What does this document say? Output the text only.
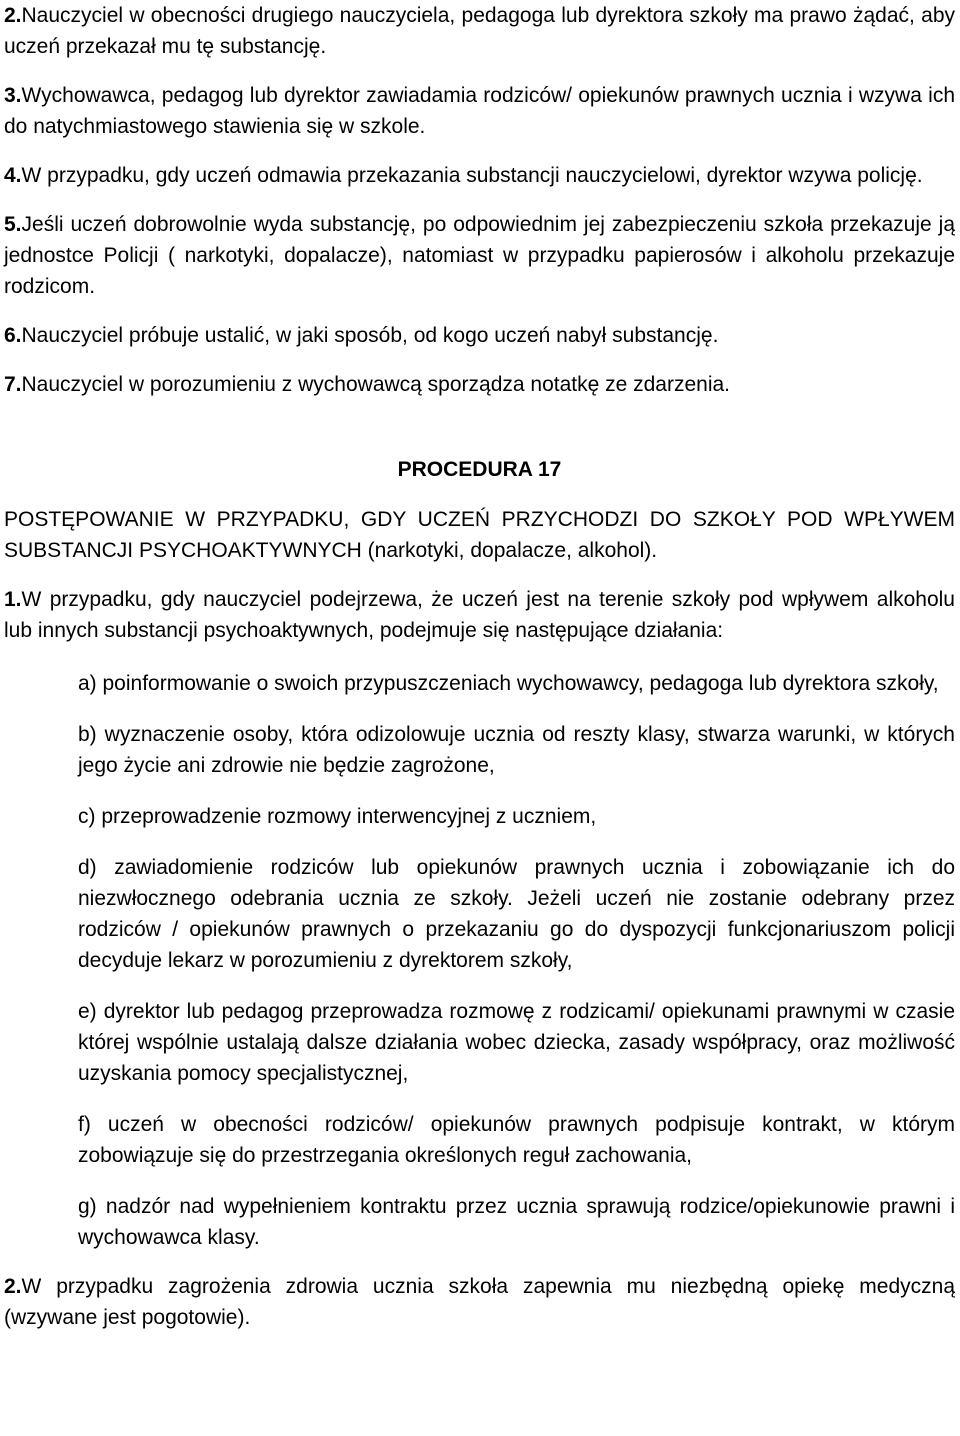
2.Nauczyciel w obecności drugiego nauczyciela, pedagoga lub dyrektora szkoły ma prawo żądać, aby uczeń przekazał mu tę substancję.

3.Wychowawca, pedagog lub dyrektor zawiadamia rodziców/ opiekunów prawnych ucznia i wzywa ich do natychmiastowego stawienia się w szkole.

4.W przypadku, gdy uczeń odmawia przekazania substancji nauczycielowi, dyrektor wzywa policję.

5.Jeśli uczeń dobrowolnie wyda substancję, po odpowiednim jej zabezpieczeniu szkoła przekazuje ją jednostce Policji ( narkotyki, dopalacze), natomiast w przypadku papierosów i alkoholu przekazuje rodzicom.

6.Nauczyciel próbuje ustalić, w jaki sposób, od kogo uczeń nabył substancję.

7.Nauczyciel w porozumieniu z wychowawcą sporządza notatkę ze zdarzenia.

PROCEDURA 17

POSTĘPOWANIE W PRZYPADKU, GDY UCZEŃ PRZYCHODZI DO SZKOŁY POD WPŁYWEM SUBSTANCJI PSYCHOAKTYWNYCH (narkotyki, dopalacze, alkohol).

1.W przypadku, gdy nauczyciel podejrzewa, że uczeń jest na terenie szkoły pod wpływem alkoholu lub innych substancji psychoaktywnych, podejmuje się następujące działania:

a) poinformowanie o swoich przypuszczeniach wychowawcy, pedagoga lub dyrektora szkoły,

b) wyznaczenie osoby, która odizolowuje ucznia od reszty klasy, stwarza warunki, w których jego życie ani zdrowie nie będzie zagrożone,

c) przeprowadzenie rozmowy interwencyjnej z uczniem,

d) zawiadomienie rodziców lub opiekunów prawnych ucznia i zobowiązanie ich do niezwłocznego odebrania ucznia ze szkoły. Jeżeli uczeń nie zostanie odebrany przez rodziców / opiekunów prawnych o przekazaniu go do dyspozycji funkcjonariuszom policji decyduje lekarz w porozumieniu z dyrektorem szkoły,

e) dyrektor lub pedagog przeprowadza rozmowę z rodzicami/ opiekunami prawnymi w czasie której wspólnie ustalają dalsze działania wobec dziecka, zasady współpracy, oraz możliwość uzyskania pomocy specjalistycznej,

f) uczeń w obecności rodziców/ opiekunów prawnych podpisuje kontrakt, w którym zobowiązuje się do przestrzegania określonych reguł zachowania,

g) nadzór nad wypełnieniem kontraktu przez ucznia sprawują rodzice/opiekunowie prawni i wychowawca klasy.

2.W przypadku zagrożenia zdrowia ucznia szkoła zapewnia mu niezbędną opiekę medyczną (wzywane jest pogotowie).
